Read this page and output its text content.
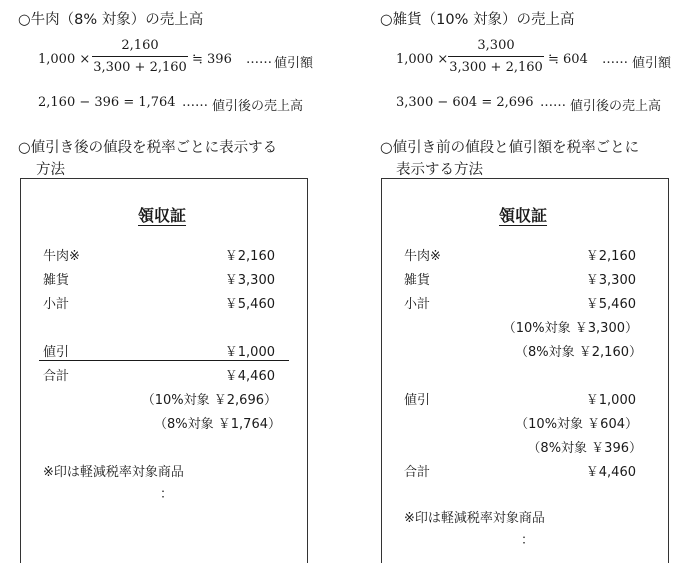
○牛肉（8% 対象）の売上高
1,000 ×
2,160
3,300 + 2,160
≒ 396 …… 値引額
2,160 − 396 = 1,764 …… 値引後の売上高
○値引き後の値段を税率ごとに表示する
方法
領収証
牛肉※	￥2,160
雑貨	￥3,300
小計	￥5,460
値引	￥1,000
合計	￥4,460
（10%対象 ￥2,696）
（8%対象 ￥1,764）
※印は軽減税率対象商品
：
○雑貨（10% 対象）の売上高
1,000 ×
3,300
3,300 + 2,160
≒ 604 …… 値引額
3,300 − 604 = 2,696 …… 値引後の売上高
○値引き前の値段と値引額を税率ごとに
表示する方法
領収証
牛肉※	￥2,160
雑貨	￥3,300
小計	￥5,460
（10%対象 ￥3,300）
（8%対象 ￥2,160）
値引	￥1,000
（10%対象 ￥604）
（8%対象 ￥396）
合計	￥4,460
※印は軽減税率対象商品
：
